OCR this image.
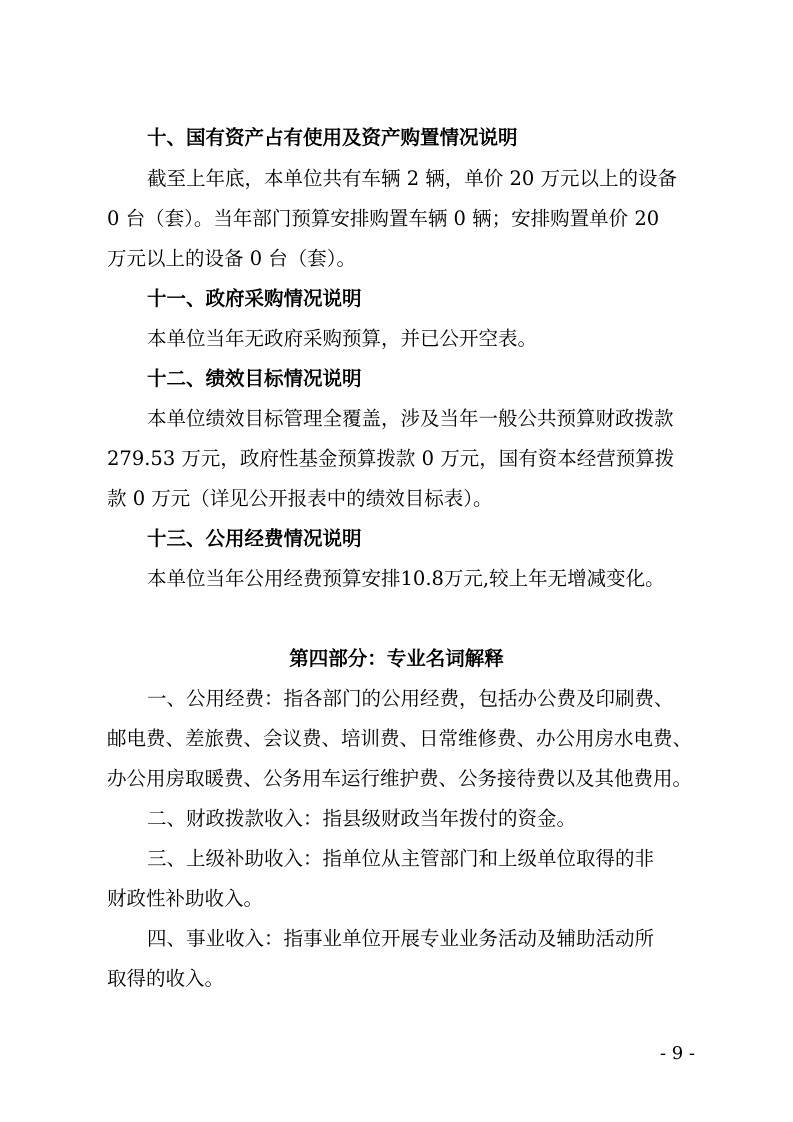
十、国有资产占有使用及资产购置情况说明
截至上年底，本单位共有车辆 2 辆，单价 20 万元以上的设备
0 台（套）。当年部门预算安排购置车辆 0 辆；安排购置单价 20
万元以上的设备 0 台（套）。
十一、政府采购情况说明
本单位当年无政府采购预算，并已公开空表。
十二、绩效目标情况说明
本单位绩效目标管理全覆盖，涉及当年一般公共预算财政拨款
279.53 万元，政府性基金预算拨款 0 万元，国有资本经营预算拨
款 0 万元（详见公开报表中的绩效目标表）。
十三、公用经费情况说明
本单位当年公用经费预算安排10.8万元,较上年无增减变化。
第四部分：专业名词解释
一、公用经费：指各部门的公用经费，包括办公费及印刷费、
邮电费、差旅费、会议费、培训费、日常维修费、办公用房水电费、
办公用房取暖费、公务用车运行维护费、公务接待费以及其他费用。
二、财政拨款收入：指县级财政当年拨付的资金。
三、上级补助收入：指单位从主管部门和上级单位取得的非
财政性补助收入。
四、事业收入：指事业单位开展专业业务活动及辅助活动所
取得的收入。
- 9 -
